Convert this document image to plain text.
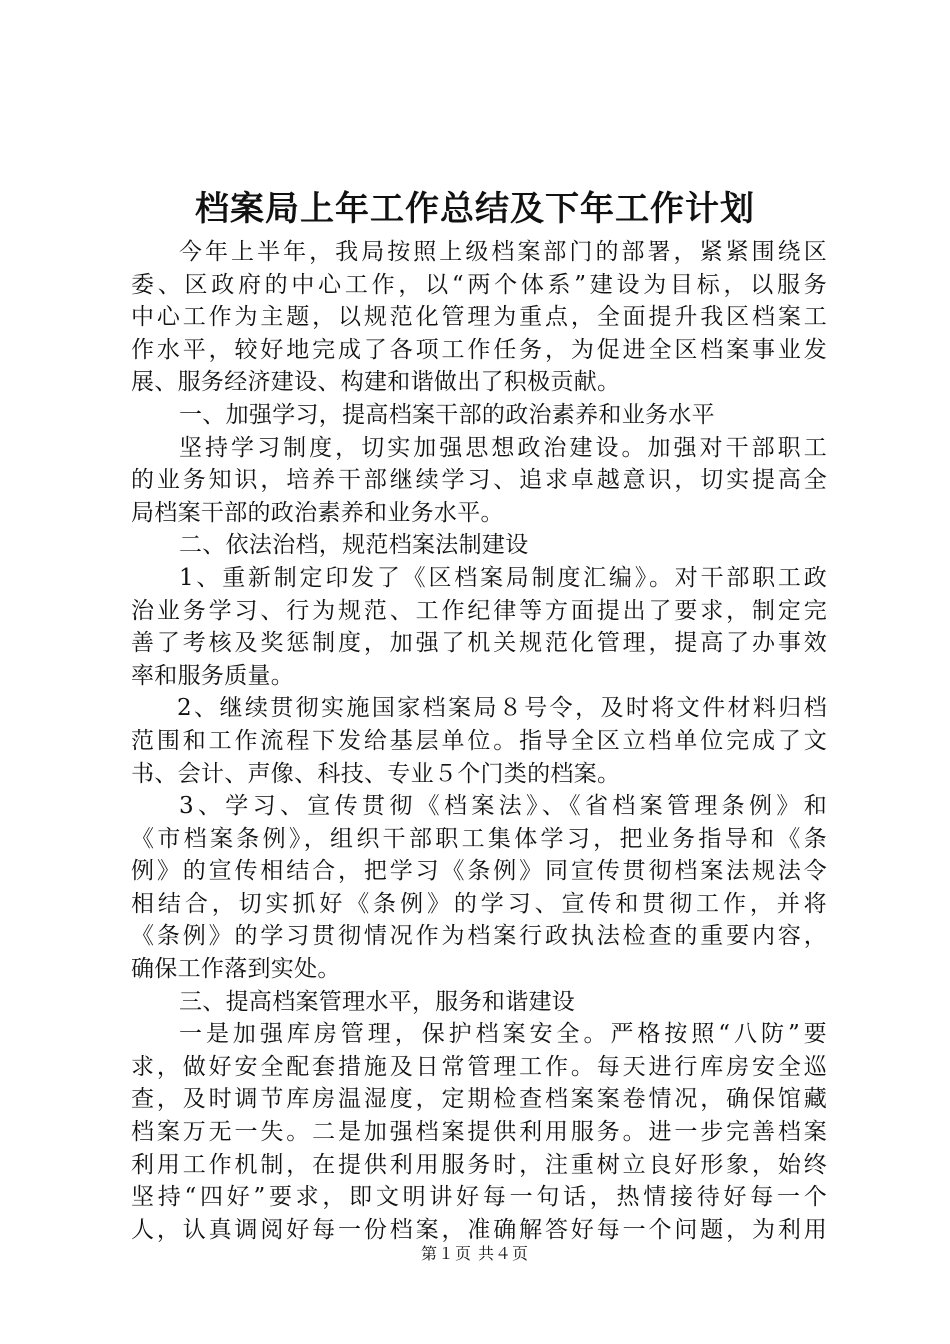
档案局上年工作总结及下年工作计划
今年上半年，我局按照上级档案部门的部署，紧紧围绕区
委、区政府的中心工作，以“两个体系”建设为目标，以服务
中心工作为主题，以规范化管理为重点，全面提升我区档案工
作水平，较好地完成了各项工作任务，为促进全区档案事业发
展、服务经济建设、构建和谐做出了积极贡献。
一、加强学习，提高档案干部的政治素养和业务水平
坚持学习制度，切实加强思想政治建设。加强对干部职工
的业务知识，培养干部继续学习、追求卓越意识，切实提高全
局档案干部的政治素养和业务水平。
二、依法治档，规范档案法制建设
1、重新制定印发了《区档案局制度汇编》。对干部职工政
治业务学习、行为规范、工作纪律等方面提出了要求，制定完
善了考核及奖惩制度，加强了机关规范化管理，提高了办事效
率和服务质量。
2、继续贯彻实施国家档案局８号令，及时将文件材料归档
范围和工作流程下发给基层单位。指导全区立档单位完成了文
书、会计、声像、科技、专业５个门类的档案。
3、学习、宣传贯彻《档案法》、《省档案管理条例》和
《市档案条例》，组织干部职工集体学习，把业务指导和《条
例》的宣传相结合，把学习《条例》同宣传贯彻档案法规法令
相结合，切实抓好《条例》的学习、宣传和贯彻工作，并将
《条例》的学习贯彻情况作为档案行政执法检查的重要内容，
确保工作落到实处。
三、提高档案管理水平，服务和谐建设
一是加强库房管理，保护档案安全。严格按照“八防”要
求，做好安全配套措施及日常管理工作。每天进行库房安全巡
查，及时调节库房温湿度，定期检查档案案卷情况，确保馆藏
档案万无一失。二是加强档案提供利用服务。进一步完善档案
利用工作机制，在提供利用服务时，注重树立良好形象，始终
坚持“四好”要求，即文明讲好每一句话，热情接待好每一个
人，认真调阅好每一份档案，准确解答好每一个问题，为利用
第１页 共４页
